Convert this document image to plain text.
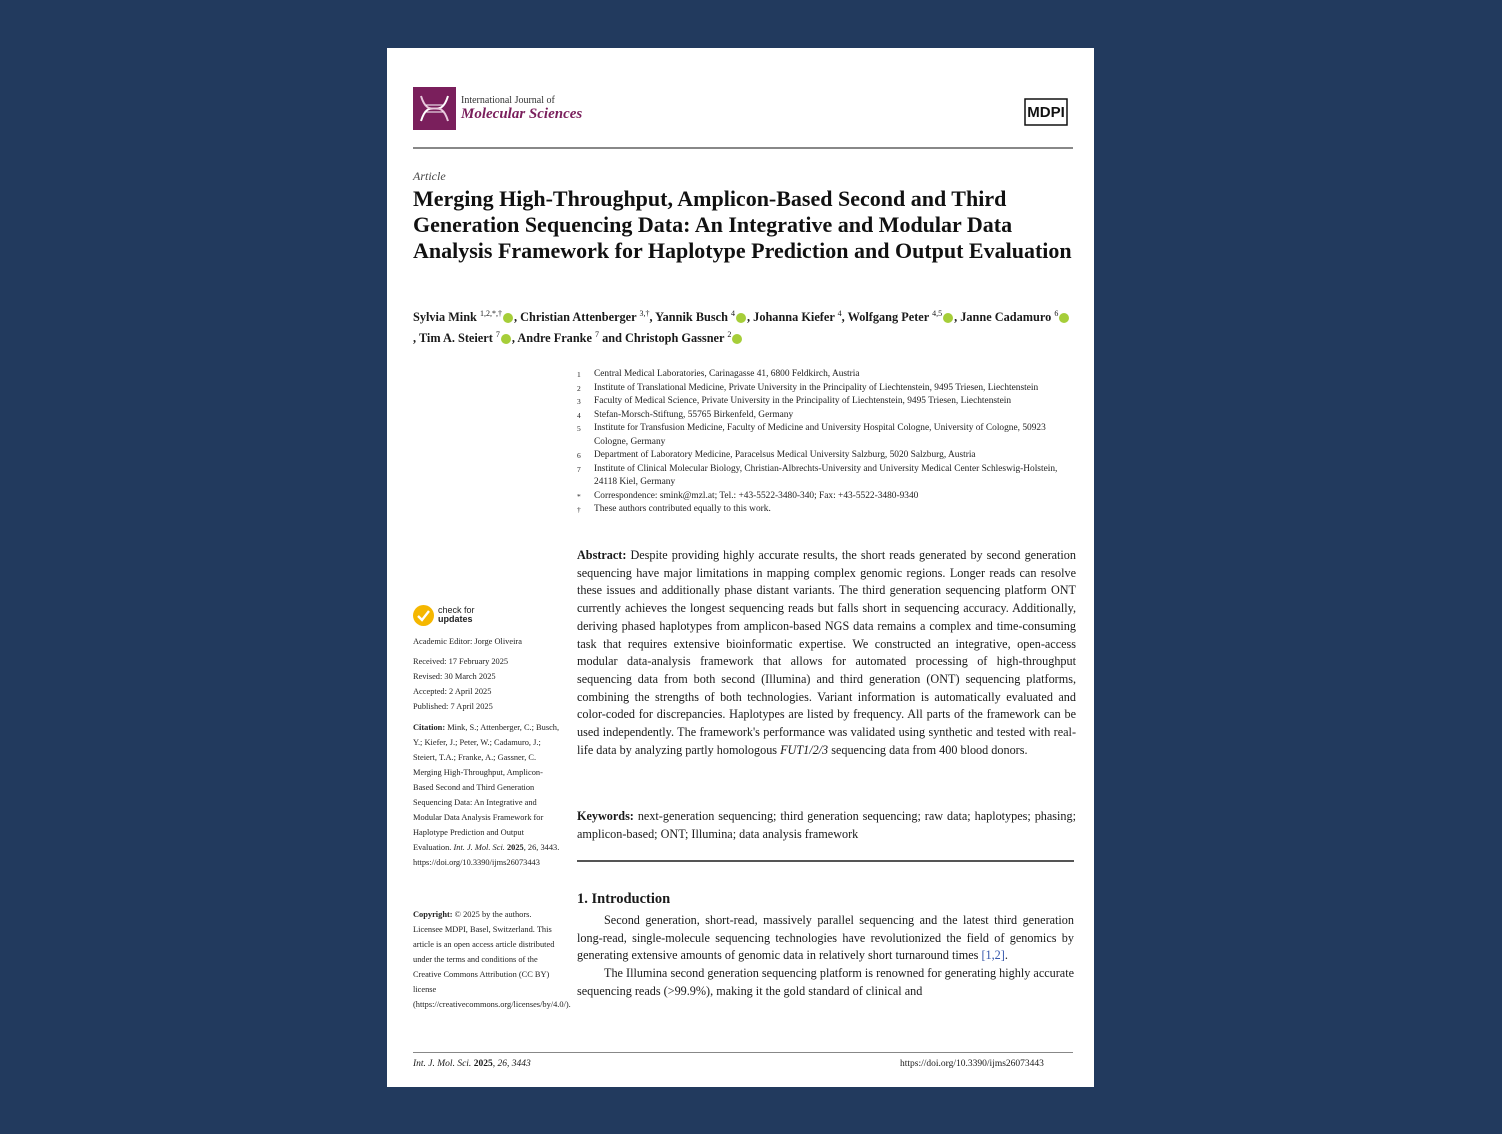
International Journal of
Molecular Sciences	MDPI
Article
Merging High-Throughput, Amplicon-Based Second and Third Generation Sequencing Data: An Integrative and Modular Data Analysis Framework for Haplotype Prediction and Output Evaluation
Sylvia Mink $^{1,2,*,\dagger}$ , Christian Attenberger $^{3,\dagger}$, Yannik Busch $^4$ , Johanna Kiefer $^4$, Wolfgang Peter $^{4,5}$ , Janne Cadamuro $^6$, Tim A. Steiert $^7$ , Andre Franke $^7$ and Christoph Gassner $^2$
1	Central Medical Laboratories, Carinagasse 41, 6800 Feldkirch, Austria
2	Institute of Translational Medicine, Private University in the Principality of Liechtenstein, 9495 Triesen, Liechtenstein
3	Faculty of Medical Science, Private University in the Principality of Liechtenstein, 9495 Triesen, Liechtenstein
4	Stefan-Morsch-Stiftung, 55765 Birkenfeld, Germany
5	Institute for Transfusion Medicine, Faculty of Medicine and University Hospital Cologne, University of Cologne, 50923 Cologne, Germany
6	Department of Laboratory Medicine, Paracelsus Medical University Salzburg, 5020 Salzburg, Austria
7	Institute of Clinical Molecular Biology, Christian-Albrechts-University and University Medical Center Schleswig-Holstein, 24118 Kiel, Germany
*	Correspondence: smink@mzl.at; Tel.: +43-5522-3480-340; Fax: +43-5522-3480-9340
†	These authors contributed equally to this work.
Abstract: Despite providing highly accurate results, the short reads generated by second generation sequencing have major limitations in mapping complex genomic regions. Longer reads can resolve these issues and additionally phase distant variants. The third generation sequencing platform ONT currently achieves the longest sequencing reads but falls short in sequencing accuracy. Additionally, deriving phased haplotypes from amplicon-based NGS data remains a complex and time-consuming task that requires extensive bioinformatic expertise. We constructed an integrative, open-access modular data-analysis framework that allows for automated processing of high-throughput sequencing data from both second (Illumina) and third generation (ONT) sequencing platforms, combining the strengths of both technologies. Variant information is automatically evaluated and color-coded for discrepancies. Haplotypes are listed by frequency. All parts of the framework can be used independently. The framework's performance was validated using synthetic and tested with real-life data by analyzing partly homologous FUT1/2/3 sequencing data from 400 blood donors.
Keywords: next-generation sequencing; third generation sequencing; raw data; haplotypes; phasing; amplicon-based; ONT; Illumina; data analysis framework
1. Introduction

Second generation, short-read, massively parallel sequencing and the latest third generation long-read, single-molecule sequencing technologies have revolutionized the field of genomics by generating extensive amounts of genomic data in relatively short turnaround times [1,2].

The Illumina second generation sequencing platform is renowned for generating highly accurate sequencing reads (>99.9%), making it the gold standard of clinical and

check for
updates
Academic Editor: Jorge Oliveira
Received: 17 February 2025
Revised: 30 March 2025
Accepted: 2 April 2025
Published: 7 April 2025
Citation: Mink, S.; Attenberger, C.; Busch, Y.; Kiefer, J.; Peter, W.; Cadamuro, J.; Steiert, T.A.; Franke, A.; Gassner, C. Merging High-Throughput, Amplicon-Based Second and Third Generation Sequencing Data: An Integrative and Modular Data Analysis Framework for Haplotype Prediction and Output Evaluation. Int. J. Mol. Sci. 2025, 26, 3443. https://doi.org/10.3390/ijms26073443
Copyright: © 2025 by the authors. Licensee MDPI, Basel, Switzerland. This article is an open access article distributed under the terms and conditions of the Creative Commons Attribution (CC BY) license (https://creativecommons.org/licenses/by/4.0/).
Int. J. Mol. Sci. 2025, 26, 3443	https://doi.org/10.3390/ijms26073443
